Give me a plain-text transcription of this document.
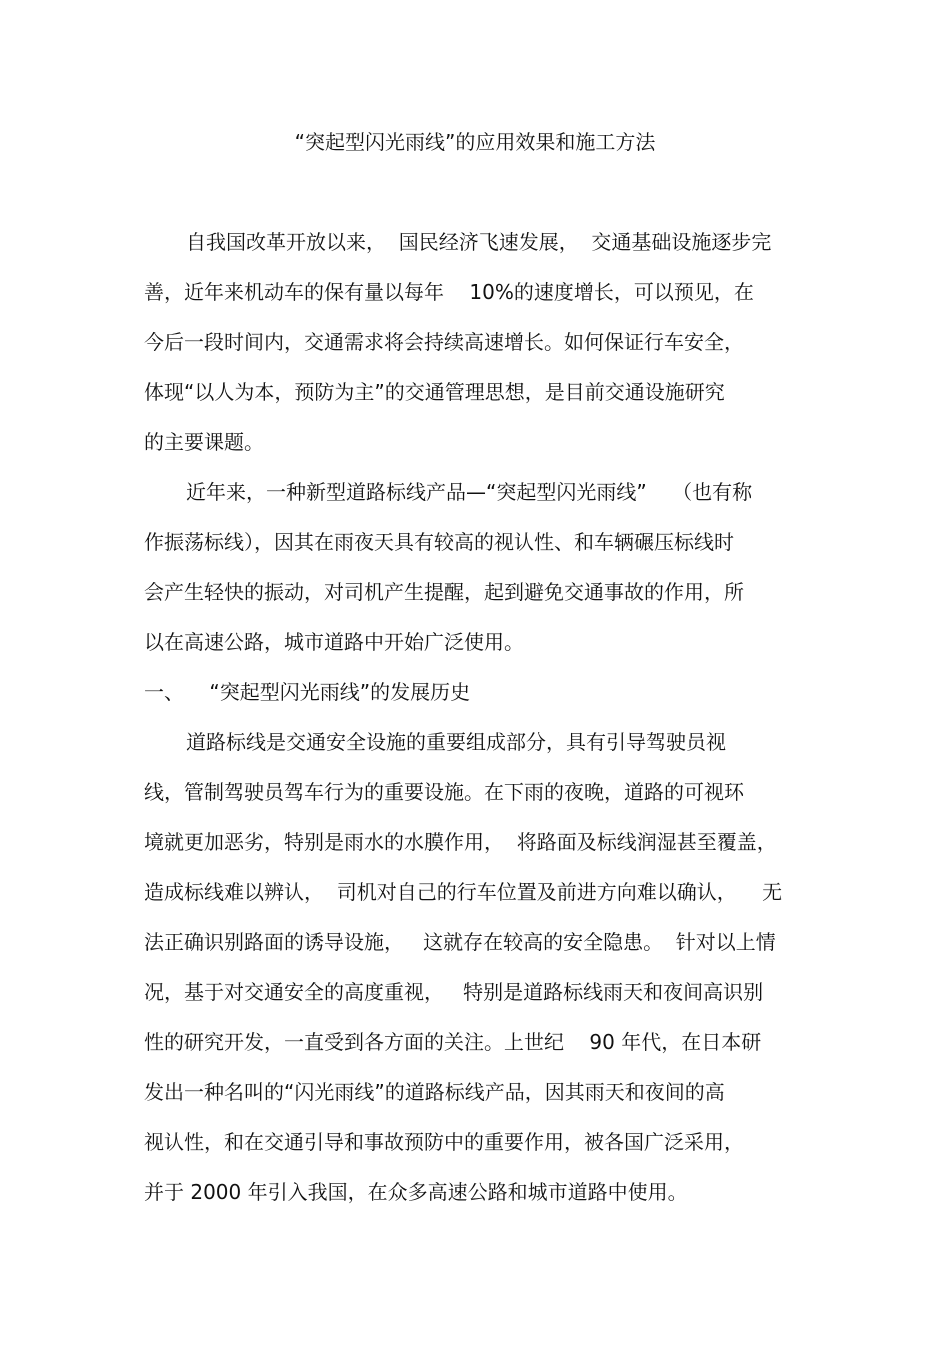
“突起型闪光雨线”的应用效果和施工方法
自我国改革开放以来，  国民经济飞速发展，  交通基础设施逐步完
善，近年来机动车的保有量以每年    10%的速度增长，可以预见，在
今后一段时间内，交通需求将会持续高速增长。如何保证行车安全，
体现“以人为本，预防为主”的交通管理思想，是目前交通设施研究
的主要课题。
近年来，一种新型道路标线产品—“突起型闪光雨线”    （也有称
作振荡标线），因其在雨夜天具有较高的视认性、和车辆碾压标线时
会产生轻快的振动，对司机产生提醒，起到避免交通事故的作用，所
以在高速公路，城市道路中开始广泛使用。
一、    “突起型闪光雨线”的发展历史
道路标线是交通安全设施的重要组成部分，具有引导驾驶员视
线，管制驾驶员驾车行为的重要设施。在下雨的夜晚，道路的可视环
境就更加恶劣，特别是雨水的水膜作用，  将路面及标线润湿甚至覆盖，
造成标线难以辨认，  司机对自己的行车位置及前进方向难以确认，    无
法正确识别路面的诱导设施，   这就存在较高的安全隐患。  针对以上情
况，基于对交通安全的高度重视，   特别是道路标线雨天和夜间高识别
性的研究开发，一直受到各方面的关注。上世纪    90 年代，在日本研
发出一种名叫的“闪光雨线”的道路标线产品，因其雨天和夜间的高
视认性，和在交通引导和事故预防中的重要作用，被各国广泛采用，
并于 2000 年引入我国，在众多高速公路和城市道路中使用。
